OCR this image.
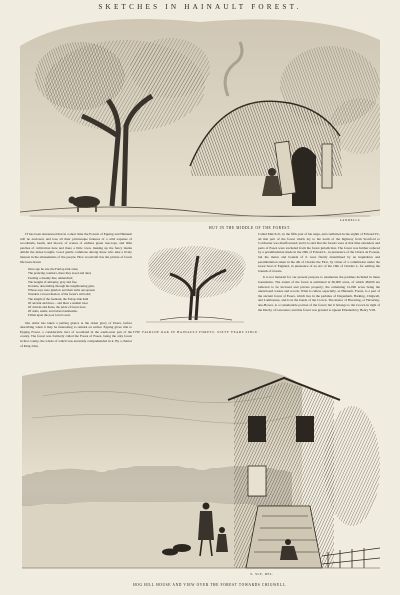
SKETCHES IN HAINAULT FOREST.
HUT IN THE MIDDLE OF THE FOREST.
LANDELLS

IT has been announced that in a short time the Forests of Epping and Hainault will be enclosed, and lose all their picturesque features of a wild expanse of woodlands, heath, and moors; of scenes of endless green tree-tops, and little patches of cultivation here and there a little town, making up the fancy marks amidst the dense boughs. Good gentle commons among these who take a lively interest in the amusements of the people. How woodcraft has the picture of forest life been drawn

Once ago he saw the Fairlop Oak arise;
The prancing courtiers, there they stood and died,
Feeding a dreamy line, unmatched;
The boughs of antiquity, gray and free
In name, descending through the neighbouring glen,
Whose tops were gnarled, and their arms out-spread,
Wonders a broad shadow of the forest's wild end;
The length of the fountain, the Fairop Oak hath
Of ancient and mast -- and there a sudden trace
Of drivens and holes, the pride of forest trees
Of arms, stems, and twisted sunbeams,
Fallen upon the poor lover's soul.

Our Artist has taken a parting glance at the olden glory of Essex, before describing when it may be interesting to remark on earlier. Epping gives title to Epping Forest, a considerable tract of woodland in the south-west part of the county. The forest was formerly called the Forest of Essex, being the only forest in that county, the whole of which was anciently comprehended in it. By a charter of King John,

THE FAIRLOP OAK IN HAINAULT FOREST, SIXTY YEARS SINCE.

Called Match 21, in the fifth year of his reign, and confirmed in the eighth of Edward IV., all that part of the forest which lay to the north of the highway from Stortford to Colchester was disafforested; and it is said that the forests were at that time extended, and parts of Essex were excluded from the forest jurisdiction. The forest was further reduced by a perambulation made in the 29th of Edward I., in pursuance of the Charta de Foresta, but the metes and bounds of it were finally determined by an inquisition and perambulation taken in the 4th of Charles the First, by virtue of a commission under the Great Seal of England, in pursuance of an Act of the 16th of Charles I., for settling the bounds of forests.

It is not material for our present purpose to enumerate the parishes included in these boundaries. The extent of the forest is estimated at 60,000 acres, of which 48,000 are believed to be inclosed and private property; the remaining 12,000 acres being the unenclosed wastes and woods. What is called, especially, as Hainault, Forest, is a part of the ancient forest of Essex, which lies in the parishes of Dagenham, Barking, Chigwell, and Lambourne, and is in the hands of the Crown. The manor of Havering, or Havering-atte-Bower, is a considerable portion of the forest; but it belongs to the Crown in right of the Duchy of Lancaster; and this forest was granted to Queen Elizabeth by Henry VIII.

HOG HILL HOUSE AND VIEW OVER THE FOREST TOWARDS CHIGWELL.
S. SLY, DEL.
